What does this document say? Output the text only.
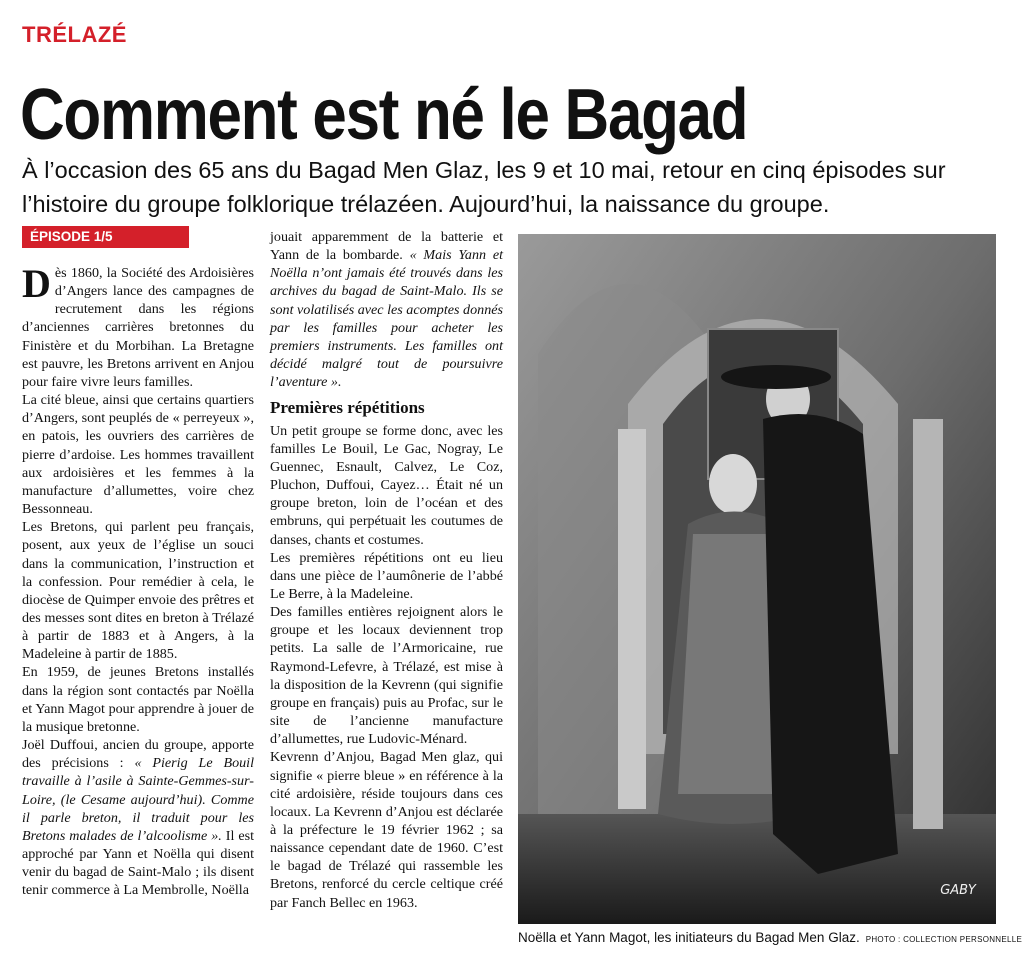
TRÉLAZÉ
Comment est né le Bagad
À l’occasion des 65 ans du Bagad Men Glaz, les 9 et 10 mai, retour en cinq épisodes sur l’histoire du groupe folklorique trélazéen. Aujourd’hui, la naissance du groupe.
ÉPISODE 1/5

Dès 1860, la Société des Ardoisières d’Angers lance des campagnes de recrutement dans les régions d’anciennes carrières bretonnes du Finistère et du Morbihan. La Bretagne est pauvre, les Bretons arrivent en Anjou pour faire vivre leurs familles.

La cité bleue, ainsi que certains quartiers d’Angers, sont peuplés de « perreyeux », en patois, les ouvriers des carrières de pierre d’ardoise. Les hommes travaillent aux ardoisières et les femmes à la manufacture d’allumettes, voire chez Bessonneau.

Les Bretons, qui parlent peu français, posent, aux yeux de l’église un souci dans la communication, l’instruction et la confession. Pour remédier à cela, le diocèse de Quimper envoie des prêtres et des messes sont dites en breton à Trélazé à partir de 1883 et à Angers, à la Madeleine à partir de 1885.

En 1959, de jeunes Bretons installés dans la région sont contactés par Noëlla et Yann Magot pour apprendre à jouer de la musique bretonne.

Joël Duffoui, ancien du groupe, apporte des précisions : « Pierig Le Bouil travaille à l’asile à Sainte-Gemmes-sur-Loire, (le Cesame aujourd’hui). Comme il parle breton, il traduit pour les Bretons malades de l’alcoolisme ». Il est approché par Yann et Noëlla qui disent venir du bagad de Saint-Malo ; ils disent tenir commerce à La Membrolle, Noëlla

jouait apparemment de la batterie et Yann de la bombarde. « Mais Yann et Noëlla n’ont jamais été trouvés dans les archives du bagad de Saint-Malo. Ils se sont volatilisés avec les acomptes donnés par les familles pour acheter les premiers instruments. Les familles ont décidé malgré tout de poursuivre l’aventure ».

Premières répétitions

Un petit groupe se forme donc, avec les familles Le Bouil, Le Gac, Nogray, Le Guennec, Esnault, Calvez, Le Coz, Pluchon, Duffoui, Cayez… Était né un groupe breton, loin de l’océan et des embruns, qui perpétuait les coutumes de danses, chants et costumes.

Les premières répétitions ont eu lieu dans une pièce de l’aumônerie de l’abbé Le Berre, à la Madeleine.

Des familles entières rejoignent alors le groupe et les locaux deviennent trop petits. La salle de l’Armoricaine, rue Raymond-Lefevre, à Trélazé, est mise à la disposition de la Kevrenn (qui signifie groupe en français) puis au Profac, sur le site de l’ancienne manufacture d’allumettes, rue Ludovic-Ménard.

Kevrenn d’Anjou, Bagad Men glaz, qui signifie « pierre bleue » en référence à la cité ardoisière, réside toujours dans ces locaux. La Kevrenn d’Anjou est déclarée à la préfecture le 19 février 1962 ; sa naissance cependant date de 1960. C’est le bagad de Trélazé qui rassemble les Bretons, renforcé du cercle celtique créé par Fanch Bellec en 1963.

GABY
Noëlla et Yann Magot, les initiateurs du Bagad Men Glaz. PHOTO : COLLECTION PERSONNELLE
